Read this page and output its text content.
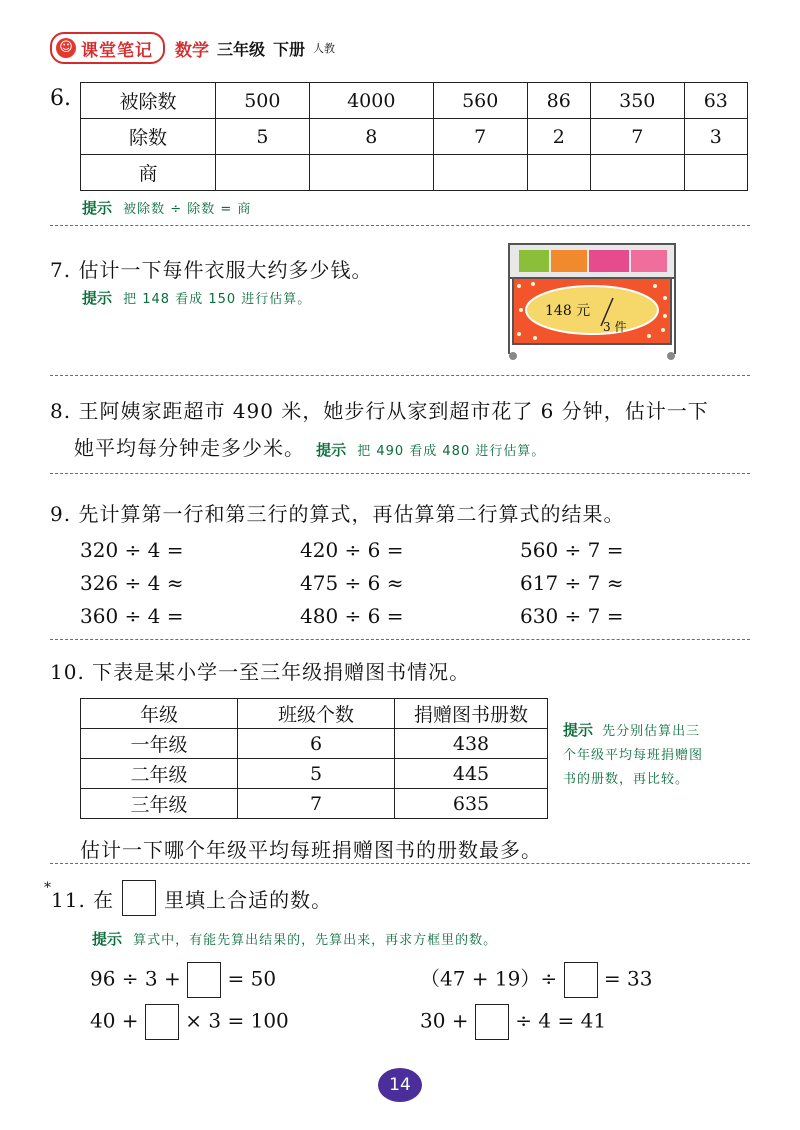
☺ 课堂笔记 数学 三年级 下册 人教
6.	被除数	500	4000	560	86	350	63
除数	5	8	7	2	7	3
商						
提示 被除数 ÷ 除数 = 商
7. 估计一下每件衣服大约多少钱。
提示 把 148 看成 150 进行估算。
148 元
3 件
8. 王阿姨家距超市 490 米，她步行从家到超市花了 6 分钟，估计一下
她平均每分钟走多少米。 提示 把 490 看成 480 进行估算。
9. 先计算第一行和第三行的算式，再估算第二行算式的结果。
320 ÷ 4 =	420 ÷ 6 =	560 ÷ 7 =
326 ÷ 4 ≈	475 ÷ 6 ≈	617 ÷ 7 ≈
360 ÷ 4 =	480 ÷ 6 =	630 ÷ 7 =
10. 下表是某小学一至三年级捐赠图书情况。
年级	班级个数	捐赠图书册数
一年级	6	438
二年级	5	445
三年级	7	635
提示 先分别估算出三
个年级平均每班捐赠图
书的册数，再比较。
估计一下哪个年级平均每班捐赠图书的册数最多。
* 11. 在	里填上合适的数。
提示 算式中，有能先算出结果的，先算出来，再求方框里的数。
96 ÷ 3 + = 50	（47 + 19）÷ = 33
40 + × 3 = 100	30 + ÷ 4 = 41
14
